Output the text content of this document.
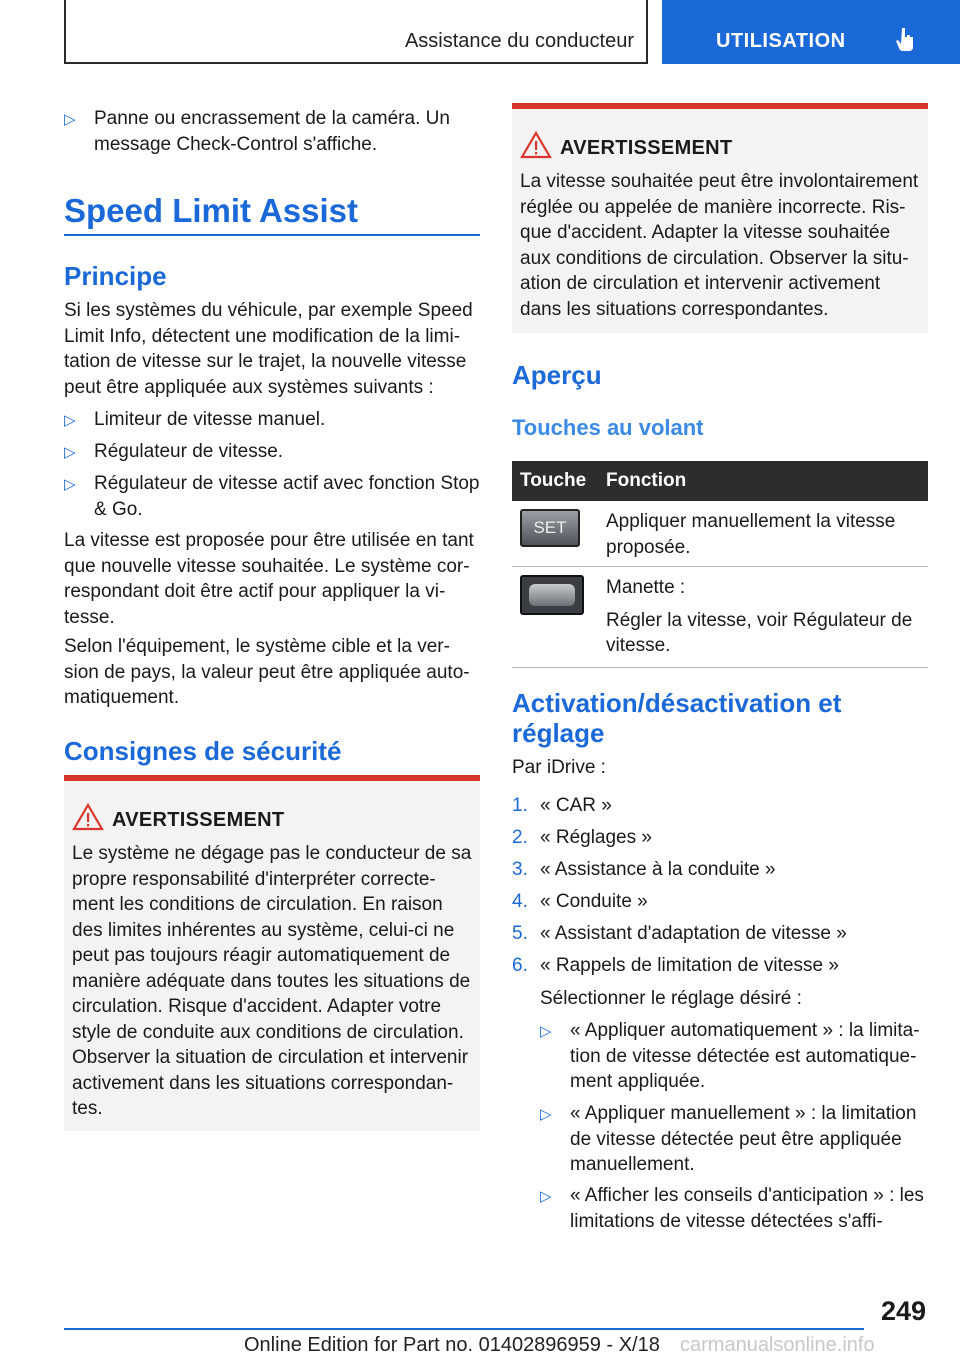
Assistance du conducteur	UTILISATION
▷ Panne ou encrassement de la caméra. Un message Check-Control s'affiche.
Speed Limit Assist
Principe
Si les systèmes du véhicule, par exemple Speed Limit Info, détectent une modification de la limi-tation de vitesse sur le trajet, la nouvelle vitesse peut être appliquée aux systèmes suivants :
▷ Limiteur de vitesse manuel.
▷ Régulateur de vitesse.
▷ Régulateur de vitesse actif avec fonction Stop & Go.
La vitesse est proposée pour être utilisée en tant que nouvelle vitesse souhaitée. Le système cor-respondant doit être actif pour appliquer la vi-tesse.
Selon l'équipement, le système cible et la ver-sion de pays, la valeur peut être appliquée auto-matiquement.
Consignes de sécurité
AVERTISSEMENT
Le système ne dégage pas le conducteur de sa propre responsabilité d'interpréter correcte-ment les conditions de circulation. En raison des limites inhérentes au système, celui-ci ne peut pas toujours réagir automatiquement de manière adéquate dans toutes les situations de circulation. Risque d'accident. Adapter votre style de conduite aux conditions de circulation. Observer la situation de circulation et intervenir activement dans les situations correspondan-tes.
AVERTISSEMENT
La vitesse souhaitée peut être involontairement réglée ou appelée de manière incorrecte. Ris-que d'accident. Adapter la vitesse souhaitée aux conditions de circulation. Observer la situ-ation de circulation et intervenir activement dans les situations correspondantes.
Aperçu
Touches au volant
Touche	Fonction

SET	Appliquer manuellement la vitesse proposée.

	Manette :
Régler la vitesse, voir Régulateur de vitesse.
Activation/désactivation et réglage
Par iDrive :
1. « CAR »
2. « Réglages »
3. « Assistance à la conduite »
4. « Conduite »
5. « Assistant d'adaptation de vitesse »
6. « Rappels de limitation de vitesse »
Sélectionner le réglage désiré :
▷ « Appliquer automatiquement » : la limita-tion de vitesse détectée est automatique-ment appliquée.
▷ « Appliquer manuellement » : la limitation de vitesse détectée peut être appliquée manuellement.
▷ « Afficher les conseils d'anticipation » : les limitations de vitesse détectées s'affi-
249
Online Edition for Part no. 01402896959 - X/18 carmanualsonline.info
